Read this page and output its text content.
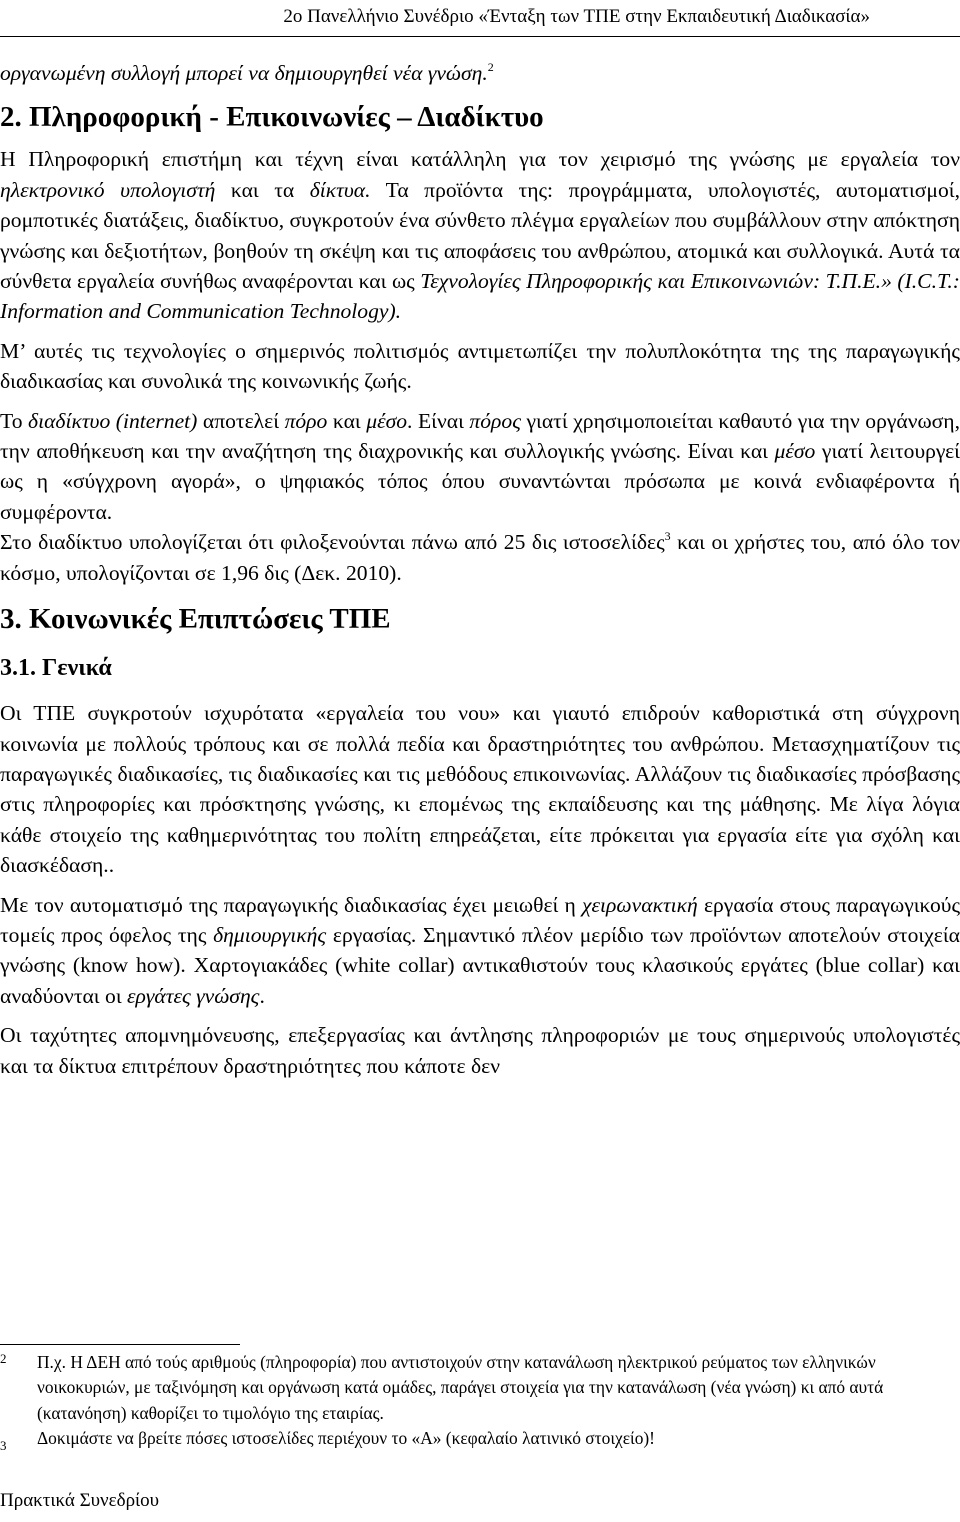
2ο Πανελλήνιο Συνέδριο «Ένταξη των ΤΠΕ στην Εκπαιδευτική Διαδικασία»

οργανωμένη συλλογή μπορεί να δημιουργηθεί νέα γνώση.$^2$

2. Πληροφορική - Επικοινωνίες – Διαδίκτυο

Η Πληροφορική επιστήμη και τέχνη είναι κατάλληλη για τον χειρισμό της γνώσης με εργαλεία τον ηλεκτρονικό υπολογιστή και τα δίκτυα. Τα προϊόντα της: προγράμματα, υπολογιστές, αυτοματισμοί, ρομποτικές διατάξεις, διαδίκτυο, συγκροτούν ένα σύνθετο πλέγμα εργαλείων που συμβάλλουν στην απόκτηση γνώσης και δεξιοτήτων, βοηθούν τη σκέψη και τις αποφάσεις του ανθρώπου, ατομικά και συλλογικά. Αυτά τα σύνθετα εργαλεία συνήθως αναφέρονται και ως Τεχνολογίες Πληροφορικής και Επικοινωνιών: Τ.Π.Ε.» (I.C.T.: Information and Communication Technology).

Μ’ αυτές τις τεχνολογίες ο σημερινός πολιτισμός αντιμετωπίζει την πολυπλοκότητα της της παραγωγικής διαδικασίας και συνολικά της κοινωνικής ζωής.

Το διαδίκτυο (internet) αποτελεί πόρο και μέσο. Είναι πόρος γιατί χρησιμοποιείται καθαυτό για την οργάνωση, την αποθήκευση και την αναζήτηση της διαχρονικής και συλλογικής γνώσης. Είναι και μέσο γιατί λειτουργεί ως η «σύγχρονη αγορά», ο ψηφιακός τόπος όπου συναντώνται πρόσωπα με κοινά ενδιαφέροντα ή συμφέροντα.

Στο διαδίκτυο υπολογίζεται ότι φιλοξενούνται πάνω από 25 δις ιστοσελίδες$^3$ και οι χρήστες του, από όλο τον κόσμο, υπολογίζονται σε 1,96 δις (Δεκ. 2010).

3. Κοινωνικές Επιπτώσεις ΤΠΕ
3.1. Γενικά

Οι ΤΠΕ συγκροτούν ισχυρότατα «εργαλεία του νου» και γιαυτό επιδρούν καθοριστικά στη σύγχρονη κοινωνία με πολλούς τρόπους και σε πολλά πεδία και δραστηριότητες του ανθρώπου. Μετασχηματίζουν τις παραγωγικές διαδικασίες, τις διαδικασίες και τις μεθόδους επικοινωνίας. Αλλάζουν τις διαδικασίες πρόσβασης στις πληροφορίες και πρόσκτησης γνώσης, κι επομένως της εκπαίδευσης και της μάθησης. Με λίγα λόγια κάθε στοιχείο της καθημερινότητας του πολίτη επηρεάζεται, είτε πρόκειται για εργασία είτε για σχόλη και διασκέδαση..

Με τον αυτοματισμό της παραγωγικής διαδικασίας έχει μειωθεί η χειρωνακτική εργασία στους παραγωγικούς τομείς προς όφελος της δημιουργικής εργασίας. Σημαντικό πλέον μερίδιο των προϊόντων αποτελούν στοιχεία γνώσης (know how). Χαρτογιακάδες (white collar) αντικαθιστούν τους κλασικούς εργάτες (blue collar) και αναδύονται οι εργάτες γνώσης.

Οι ταχύτητες απομνημόνευσης, επεξεργασίας και άντλησης πληροφοριών με τους σημερινούς υπολογιστές και τα δίκτυα επιτρέπουν δραστηριότητες που κάποτε δεν

$^2$	Π.χ. Η ΔΕΗ από τούς αριθμούς (πληροφορία) που αντιστοιχούν στην κατανάλωση ηλεκτρικού ρεύματος των ελληνικών νοικοκυριών, με ταξινόμηση και οργάνωση κατά ομάδες, παράγει στοιχεία για την κατανάλωση (νέα γνώση) κι από αυτά (κατανόηση) καθορίζει το τιμολόγιο της εταιρίας.
$_3$	Δοκιμάστε να βρείτε πόσες ιστοσελίδες περιέχουν το «Α» (κεφαλαίο λατινικό στοιχείο)!
Πρακτικά Συνεδρίου
